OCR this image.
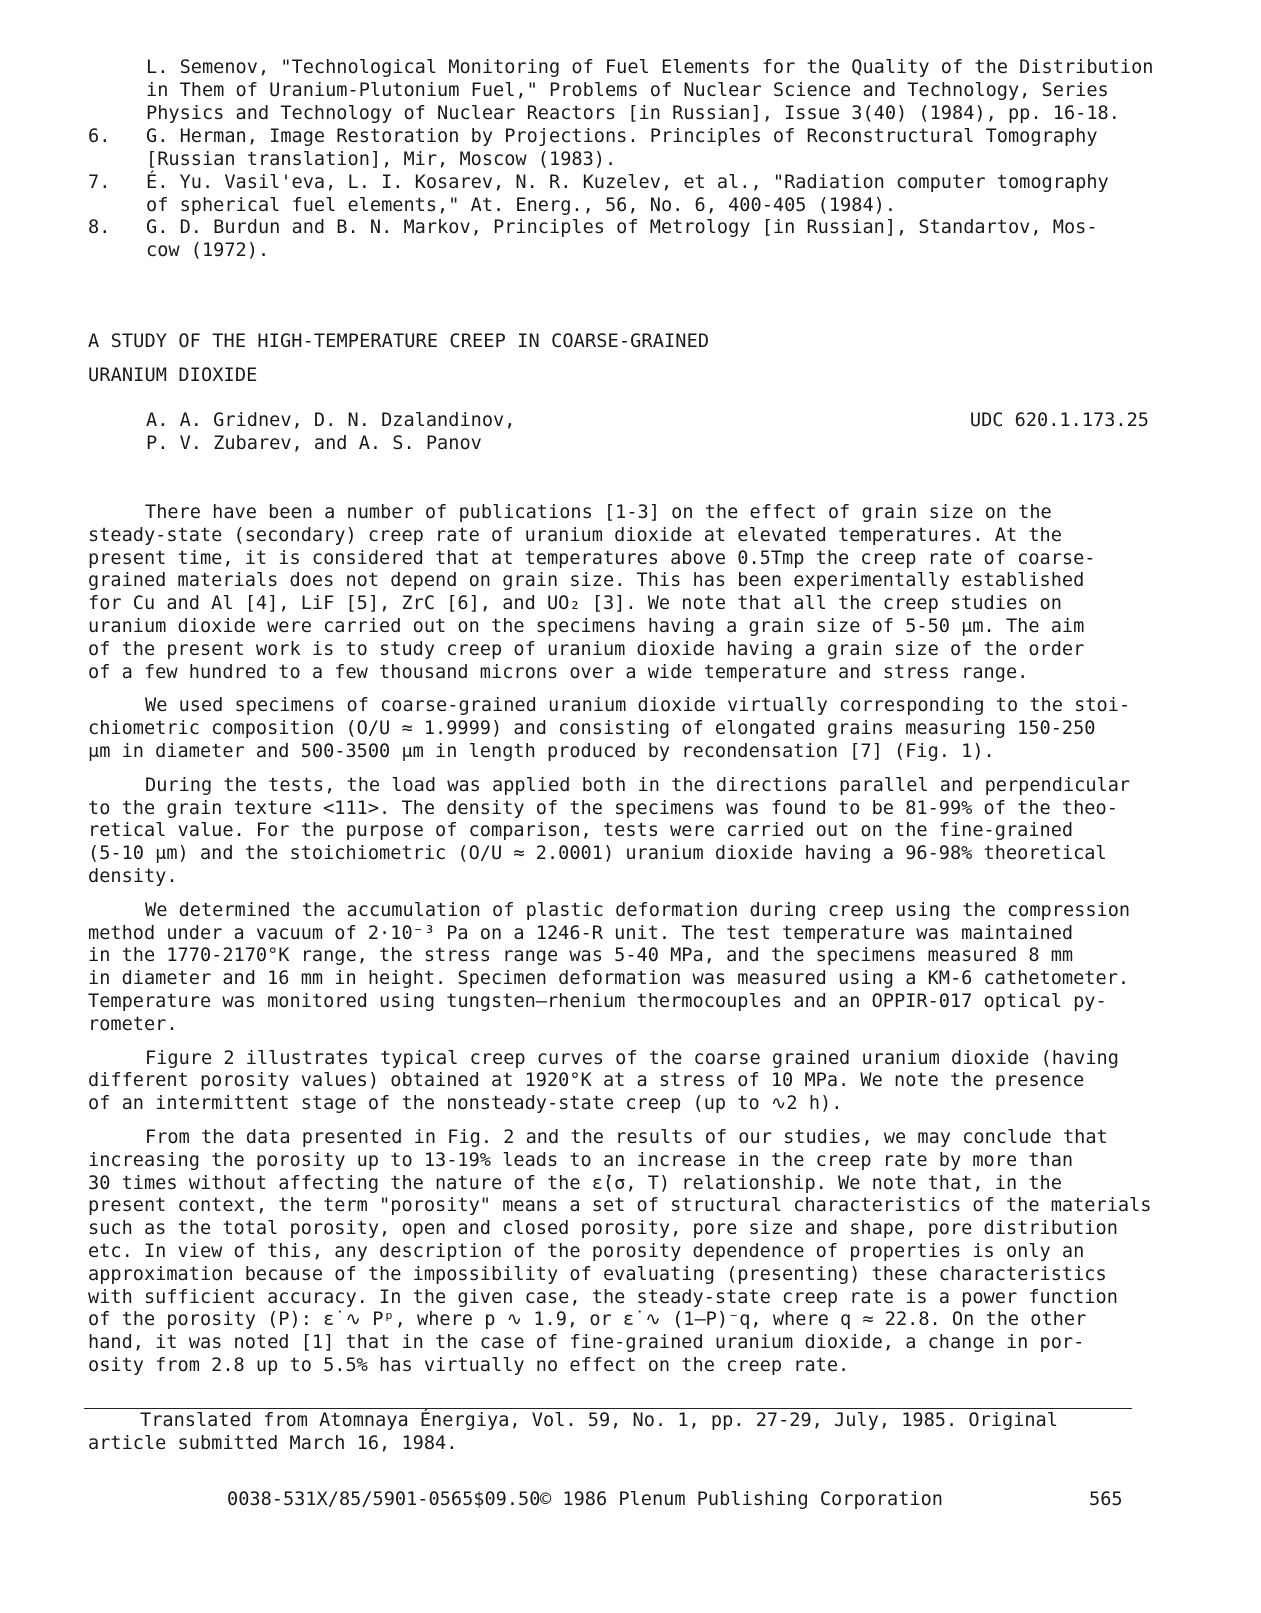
L. Semenov, "Technological Monitoring of Fuel Elements for the Quality of the Distribution
in Them of Uranium-Plutonium Fuel," Problems of Nuclear Science and Technology, Series
Physics and Technology of Nuclear Reactors [in Russian], Issue 3(40) (1984), pp. 16-18.
6.	G. Herman, Image Restoration by Projections. Principles of Reconstructural Tomography
[Russian translation], Mir, Moscow (1983).
7.	É. Yu. Vasil'eva, L. I. Kosarev, N. R. Kuzelev, et al., "Radiation computer tomography
of spherical fuel elements," At. Energ., 56, No. 6, 400-405 (1984).
8.	G. D. Burdun and B. N. Markov, Principles of Metrology [in Russian], Standartov, Mos-
cow (1972).
A STUDY OF THE HIGH-TEMPERATURE CREEP IN COARSE-GRAINED
URANIUM DIOXIDE
A. A. Gridnev, D. N. Dzalandinov,
P. V. Zubarev, and A. S. Panov
UDC 620.1.173.25

There have been a number of publications [1-3] on the effect of grain size on the
steady-state (secondary) creep rate of uranium dioxide at elevated temperatures. At the
present time, it is considered that at temperatures above 0.5Tmp the creep rate of coarse-
grained materials does not depend on grain size. This has been experimentally established
for Cu and Al [4], LiF [5], ZrC [6], and UO₂ [3]. We note that all the creep studies on
uranium dioxide were carried out on the specimens having a grain size of 5-50 μm. The aim
of the present work is to study creep of uranium dioxide having a grain size of the order
of a few hundred to a few thousand microns over a wide temperature and stress range.

We used specimens of coarse-grained uranium dioxide virtually corresponding to the stoi-
chiometric composition (O/U ≈ 1.9999) and consisting of elongated grains measuring 150-250
μm in diameter and 500-3500 μm in length produced by recondensation [7] (Fig. 1).

During the tests, the load was applied both in the directions parallel and perpendicular
to the grain texture <111>. The density of the specimens was found to be 81-99% of the theo-
retical value. For the purpose of comparison, tests were carried out on the fine-grained
(5-10 μm) and the stoichiometric (O/U ≈ 2.0001) uranium dioxide having a 96-98% theoretical
density.

We determined the accumulation of plastic deformation during creep using the compression
method under a vacuum of 2·10⁻³ Pa on a 1246-R unit. The test temperature was maintained
in the 1770-2170°K range, the stress range was 5-40 MPa, and the specimens measured 8 mm
in diameter and 16 mm in height. Specimen deformation was measured using a KM-6 cathetometer.
Temperature was monitored using tungsten—rhenium thermocouples and an OPPIR-017 optical py-
rometer.

Figure 2 illustrates typical creep curves of the coarse grained uranium dioxide (having
different porosity values) obtained at 1920°K at a stress of 10 MPa. We note the presence
of an intermittent stage of the nonsteady-state creep (up to ∿2 h).

From the data presented in Fig. 2 and the results of our studies, we may conclude that
increasing the porosity up to 13-19% leads to an increase in the creep rate by more than
30 times without affecting the nature of the ε̇(σ, T) relationship. We note that, in the
present context, the term "porosity" means a set of structural characteristics of the materials
such as the total porosity, open and closed porosity, pore size and shape, pore distribution
etc. In view of this, any description of the porosity dependence of properties is only an
approximation because of the impossibility of evaluating (presenting) these characteristics
with sufficient accuracy. In the given case, the steady-state creep rate is a power function
of the porosity (P): ε̇ ∿ Pᵖ, where p ∿ 1.9, or ε̇ ∿ (1—P)⁻q, where q ≈ 22.8. On the other
hand, it was noted [1] that in the case of fine-grained uranium dioxide, a change in por-
osity from 2.8 up to 5.5% has virtually no effect on the creep rate.

Translated from Atomnaya Énergiya, Vol. 59, No. 1, pp. 27-29, July, 1985. Original
article submitted March 16, 1984.
0038-531X/85/5901-0565$09.50 © 1986 Plenum Publishing Corporation	565
